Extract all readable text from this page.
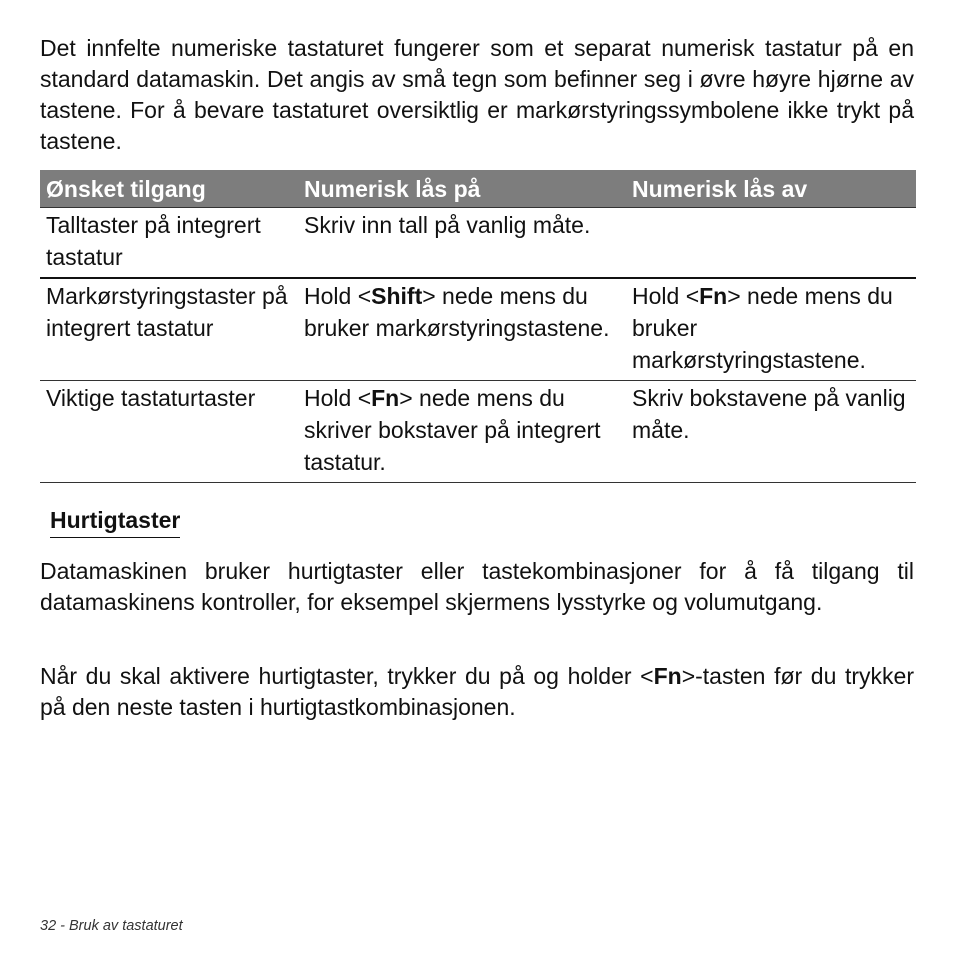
Det innfelte numeriske tastaturet fungerer som et separat numerisk tastatur på en standard datamaskin. Det angis av små tegn som befinner seg i øvre høyre hjørne av tastene. For å bevare tastaturet oversiktlig er markørstyringssymbolene ikke trykt på tastene.

Ønsket tilgang	Numerisk lås på	Numerisk lås av
Talltaster på integrert tastatur	Skriv inn tall på vanlig måte.	
Markørstyringstaster på integrert tastatur	Hold <Shift> nede mens du bruker markørstyringstastene.	Hold <Fn> nede mens du bruker markørstyringstastene.
Viktige tastaturtaster	Hold <Fn> nede mens du skriver bokstaver på integrert tastatur.	Skriv bokstavene på vanlig måte.
Hurtigtaster

Datamaskinen bruker hurtigtaster eller tastekombinasjoner for å få tilgang til datamaskinens kontroller, for eksempel skjermens lysstyrke og volumutgang.

Når du skal aktivere hurtigtaster, trykker du på og holder <Fn>-tasten før du trykker på den neste tasten i hurtigtastkombinasjonen.

32 - Bruk av tastaturet
